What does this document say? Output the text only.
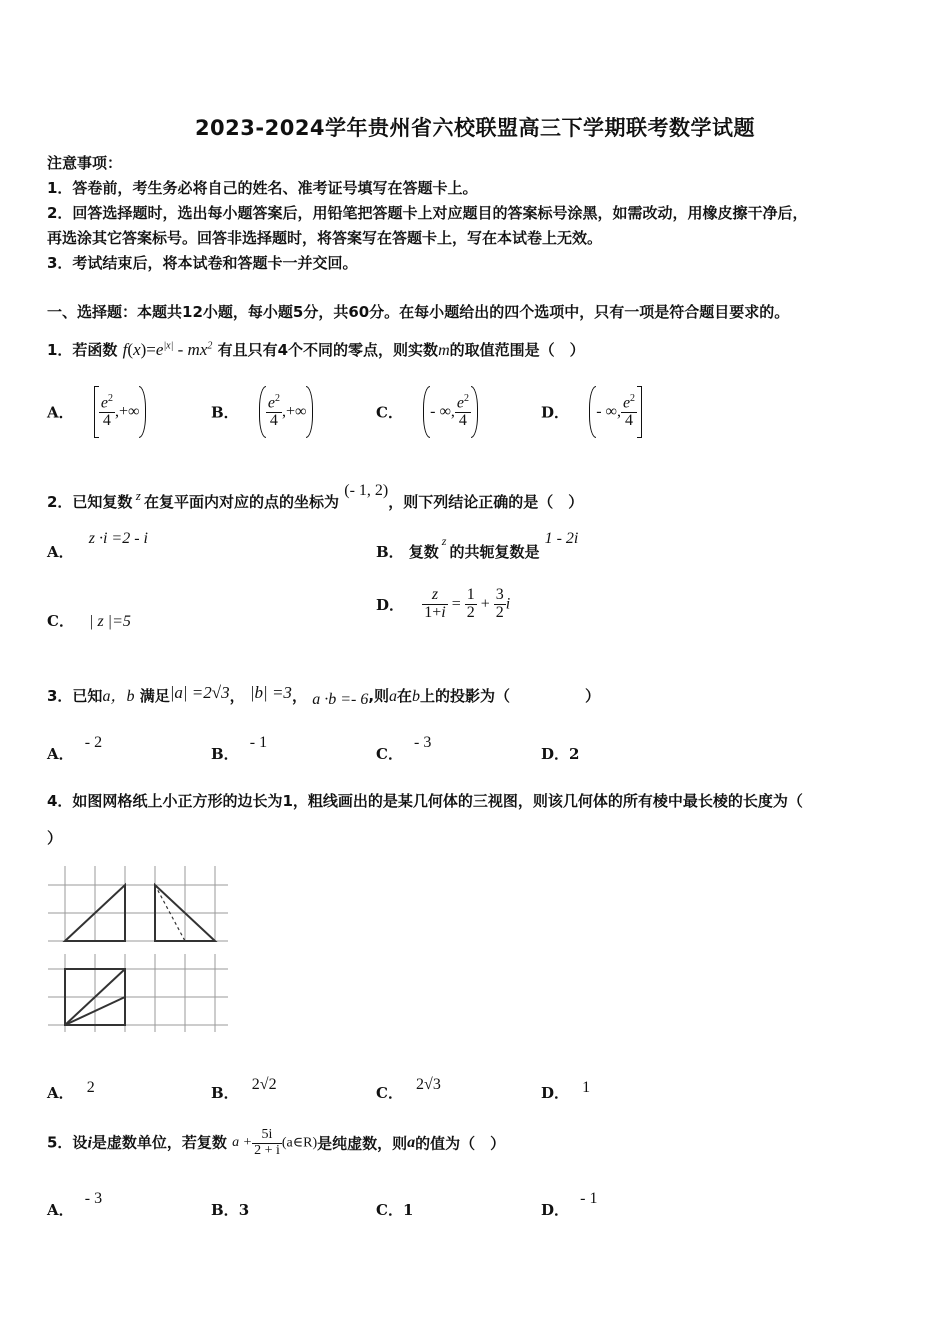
2023-2024学年贵州省六校联盟高三下学期联考数学试题
注意事项：
1．答卷前，考生务必将自己的姓名、准考证号填写在答题卡上。
2．回答选择题时，选出每小题答案后，用铅笔把答题卡上对应题目的答案标号涂黑，如需改动，用橡皮擦干净后，
再选涂其它答案标号。回答非选择题时，将答案写在答题卡上，写在本试卷上无效。
3．考试结束后，将本试卷和答题卡一并交回。
一、选择题：本题共12小题，每小题5分，共60分。在每小题给出的四个选项中，只有一项是符合题目要求的。
1．若函数 $f(x)=e^{|x|} - mx^2$ 有且只有4个不同的零点，则实数m的取值范围是（　）
A． $\frac{e^2}{4}$ ,+∞	B． $\frac{e^2}{4}$ ,+∞	C． - ∞, $\frac{e^2}{4}$	D． - ∞, $\frac{e^2}{4}$
2．已知复数 z 在复平面内对应的点的坐标为 (- 1, 2)，则下列结论正确的是（　）
A． z ·i =2 - i
B． 复数 z 的共轭复数是 1 - 2i
C． | z |=5
D． $\frac{z}{1+i} = \frac{1}{2} + \frac{3}{2}$ i
3．已知a，b 满足|a| =2√3， |b| =3， a ·b =- 6,则a在b上的投影为（　　　　　）
A． - 2
B． - 1
C． - 3
D．2
4．如图网格纸上小正方形的边长为1，粗线画出的是某几何体的三视图，则该几何体的所有棱中最长棱的长度为（
）
A． 2	B． 2√2	C． 2√3	D． 1
5．设i是虚数单位，若复数 $a + \frac{5i}{2 + i}$ (a∈R)是纯虚数，则a的值为（　）
A． - 3
B．3	C．1	D． - 1
